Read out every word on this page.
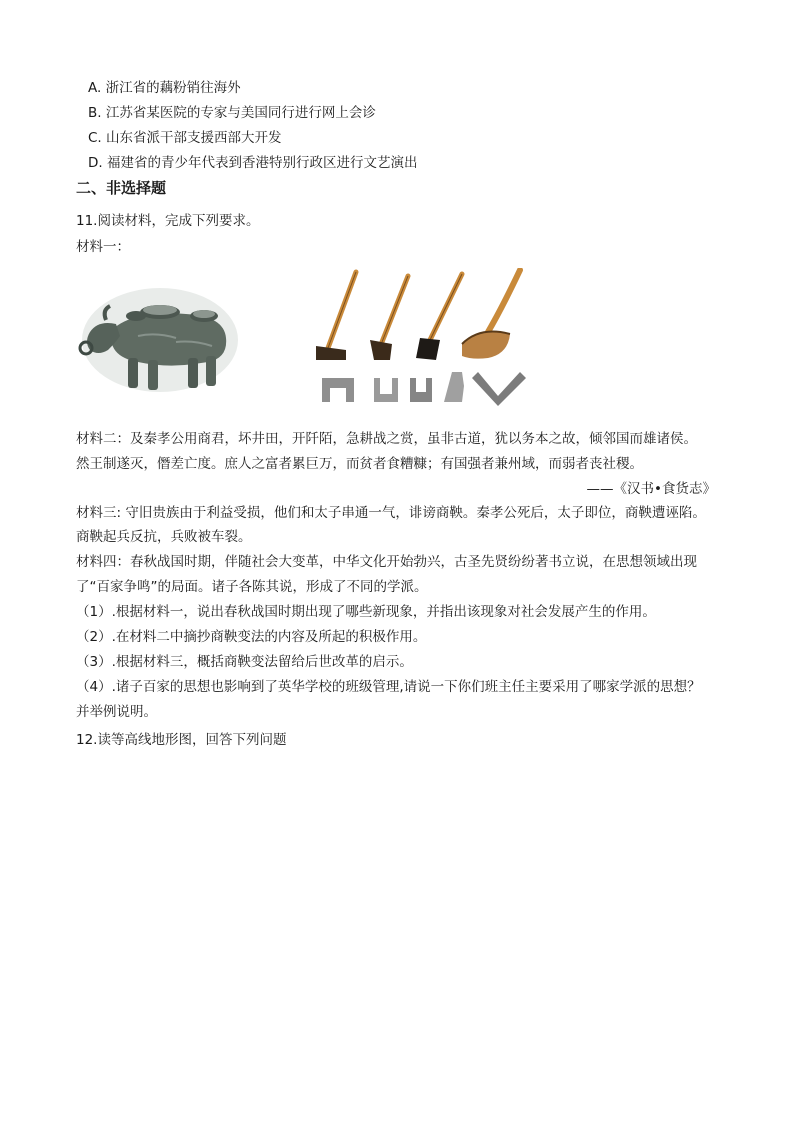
A. 浙江省的藕粉销往海外
B. 江苏省某医院的专家与美国同行进行网上会诊
C. 山东省派干部支援西部大开发
D. 福建省的青少年代表到香港特别行政区进行文艺演出
二、非选择题
11.阅读材料，完成下列要求。
材料一：
材料二：及秦孝公用商君，坏井田，开阡陌，急耕战之赏，虽非古道，犹以务本之故，倾邻国而雄诸侯。
然王制遂灭，僭差亡度。庶人之富者累巨万，而贫者食糟糠；有国强者兼州域，而弱者丧社稷。
——《汉书•食货志》
材料三: 守旧贵族由于利益受损，他们和太子串通一气，诽谤商鞅。秦孝公死后，太子即位，商鞅遭诬陷。
商鞅起兵反抗，兵败被车裂。
材料四：春秋战国时期，伴随社会大变革，中华文化开始勃兴，古圣先贤纷纷著书立说，在思想领域出现
了“百家争鸣”的局面。诸子各陈其说，形成了不同的学派。
（1）.根据材料一，说出春秋战国时期出现了哪些新现象，并指出该现象对社会发展产生的作用。
（2）.在材料二中摘抄商鞅变法的内容及所起的积极作用。
（3）.根据材料三，概括商鞅变法留给后世改革的启示。
（4）.诸子百家的思想也影响到了英华学校的班级管理,请说一下你们班主任主要采用了哪家学派的思想？
并举例说明。
12.读等高线地形图，回答下列问题
